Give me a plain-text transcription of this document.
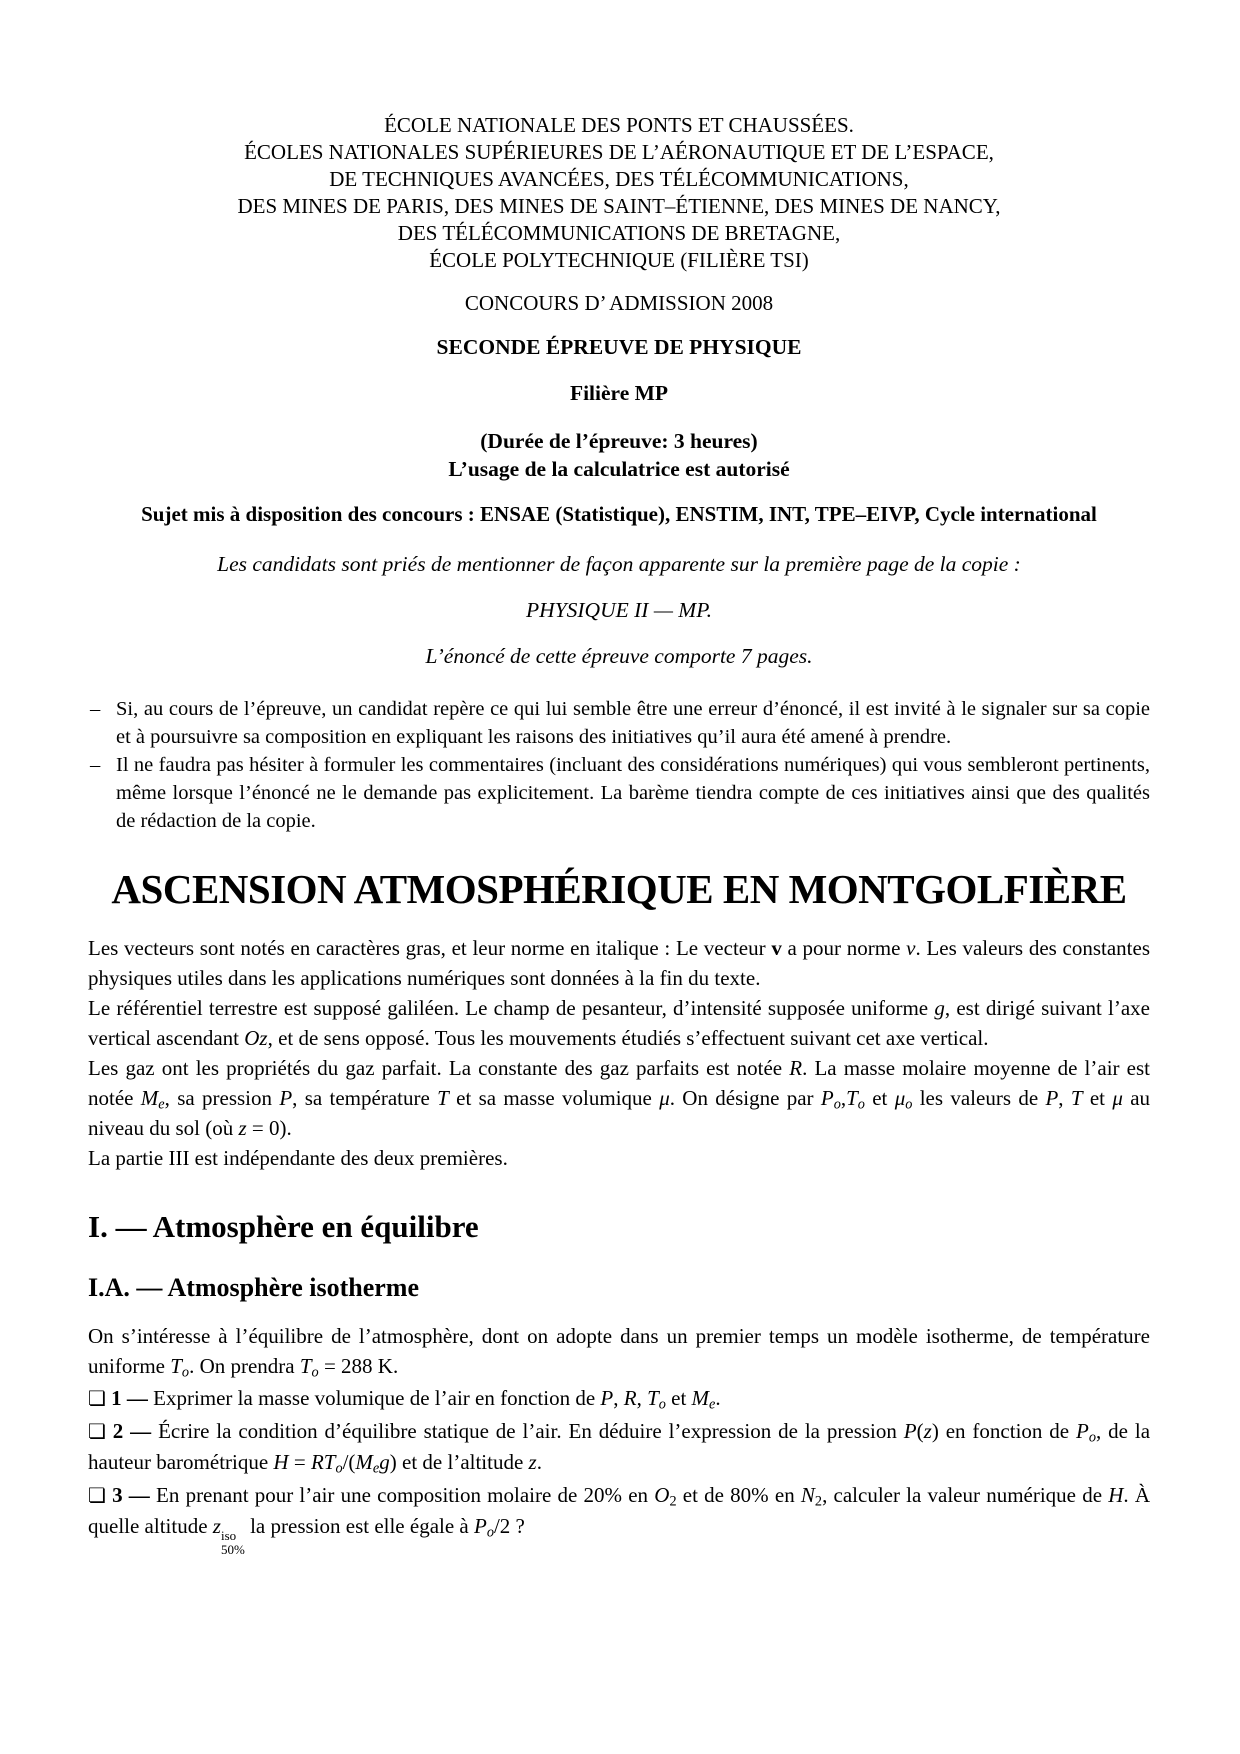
ÉCOLE NATIONALE DES PONTS ET CHAUSSÉES.
ÉCOLES NATIONALES SUPÉRIEURES DE L’AÉRONAUTIQUE ET DE L’ESPACE,
DE TECHNIQUES AVANCÉES, DES TÉLÉCOMMUNICATIONS,
DES MINES DE PARIS, DES MINES DE SAINT–ÉTIENNE, DES MINES DE NANCY,
DES TÉLÉCOMMUNICATIONS DE BRETAGNE,
ÉCOLE POLYTECHNIQUE (FILIÈRE TSI)
CONCOURS D’ ADMISSION 2008
SECONDE ÉPREUVE DE PHYSIQUE
Filière MP
(Durée de l’épreuve: 3 heures)
L’usage de la calculatrice est autorisé
Sujet mis à disposition des concours : ENSAE (Statistique), ENSTIM, INT, TPE–EIVP, Cycle international
Les candidats sont priés de mentionner de façon apparente sur la première page de la copie :
PHYSIQUE II — MP.
L’énoncé de cette épreuve comporte 7 pages.
– Si, au cours de l’épreuve, un candidat repère ce qui lui semble être une erreur d’énoncé, il est invité à le signaler sur sa copie et à poursuivre sa composition en expliquant les raisons des initiatives qu’il aura été amené à prendre.
– Il ne faudra pas hésiter à formuler les commentaires (incluant des considérations numériques) qui vous sembleront pertinents, même lorsque l’énoncé ne le demande pas explicitement. La barème tiendra compte de ces initiatives ainsi que des qualités de rédaction de la copie.
ASCENSION ATMOSPHÉRIQUE EN MONTGOLFIÈRE

Les vecteurs sont notés en caractères gras, et leur norme en italique : Le vecteur v a pour norme v. Les valeurs des constantes physiques utiles dans les applications numériques sont données à la fin du texte.

Le référentiel terrestre est supposé galiléen. Le champ de pesanteur, d’intensité supposée uniforme g, est dirigé suivant l’axe vertical ascendant Oz, et de sens opposé. Tous les mouvements étudiés s’effectuent suivant cet axe vertical.

Les gaz ont les propriétés du gaz parfait. La constante des gaz parfaits est notée R. La masse molaire moyenne de l’air est notée $M_e$, sa pression P, sa température T et sa masse volumique μ. On désigne par $P_o,T_o$ et $\mu_o$ les valeurs de P, T et μ au niveau du sol (où z = 0).

La partie III est indépendante des deux premières.

I. — Atmosphère en équilibre
I.A. — Atmosphère isotherme

On s’intéresse à l’équilibre de l’atmosphère, dont on adopte dans un premier temps un modèle isotherme, de température uniforme $T_o$. On prendra $T_o = 288$ K.

❏ 1 — Exprimer la masse volumique de l’air en fonction de P, R, $T_o$ et $M_e$.

❏ 2 — Écrire la condition d’équilibre statique de l’air. En déduire l’expression de la pression P(z) en fonction de $P_o$, de la hauteur barométrique $H = RT_o/(M_eg)$ et de l’altitude z.

❏ 3 — En prenant pour l’air une composition molaire de 20% en $O_2$ et de 80% en $N_2$, calculer la valeur numérique de H. À quelle altitude z iso
50%
la pression est elle égale à $P_o/2$ ?
